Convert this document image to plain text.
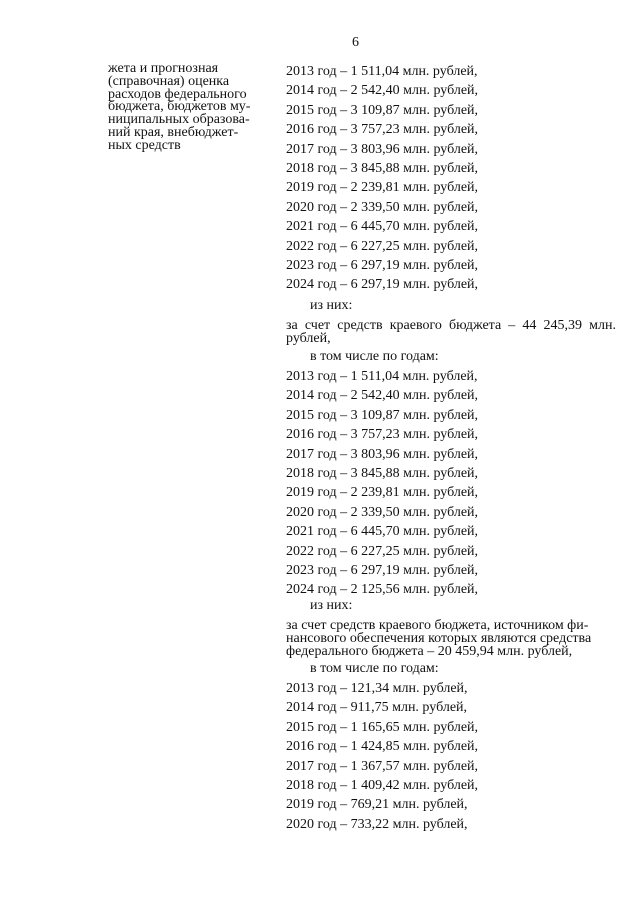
6
жета и прогнозная
(справочная) оценка
расходов федерального
бюджета, бюджетов му-
ниципальных образова-
ний края, внебюджет-
ных средств
2013 год – 1 511,04 млн. рублей,
2014 год – 2 542,40 млн. рублей,
2015 год – 3 109,87 млн. рублей,
2016 год – 3 757,23 млн. рублей,
2017 год – 3 803,96 млн. рублей,
2018 год – 3 845,88 млн. рублей,
2019 год – 2 239,81 млн. рублей,
2020 год – 2 339,50 млн. рублей,
2021 год – 6 445,70 млн. рублей,
2022 год – 6 227,25 млн. рублей,
2023 год – 6 297,19 млн. рублей,
2024 год – 6 297,19 млн. рублей,
из них:
за счет средств краевого бюджета – 44 245,39 млн.
рублей,
в том числе по годам:
2013 год – 1 511,04 млн. рублей,
2014 год – 2 542,40 млн. рублей,
2015 год – 3 109,87 млн. рублей,
2016 год – 3 757,23 млн. рублей,
2017 год – 3 803,96 млн. рублей,
2018 год – 3 845,88 млн. рублей,
2019 год – 2 239,81 млн. рублей,
2020 год – 2 339,50 млн. рублей,
2021 год – 6 445,70 млн. рублей,
2022 год – 6 227,25 млн. рублей,
2023 год – 6 297,19 млн. рублей,
2024 год – 2 125,56 млн. рублей,
из них:
за счет средств краевого бюджета, источником фи-
нансового обеспечения которых являются средства
федерального бюджета – 20 459,94 млн. рублей,
в том числе по годам:
2013 год – 121,34 млн. рублей,
2014 год – 911,75 млн. рублей,
2015 год – 1 165,65 млн. рублей,
2016 год – 1 424,85 млн. рублей,
2017 год – 1 367,57 млн. рублей,
2018 год – 1 409,42 млн. рублей,
2019 год – 769,21 млн. рублей,
2020 год – 733,22 млн. рублей,
